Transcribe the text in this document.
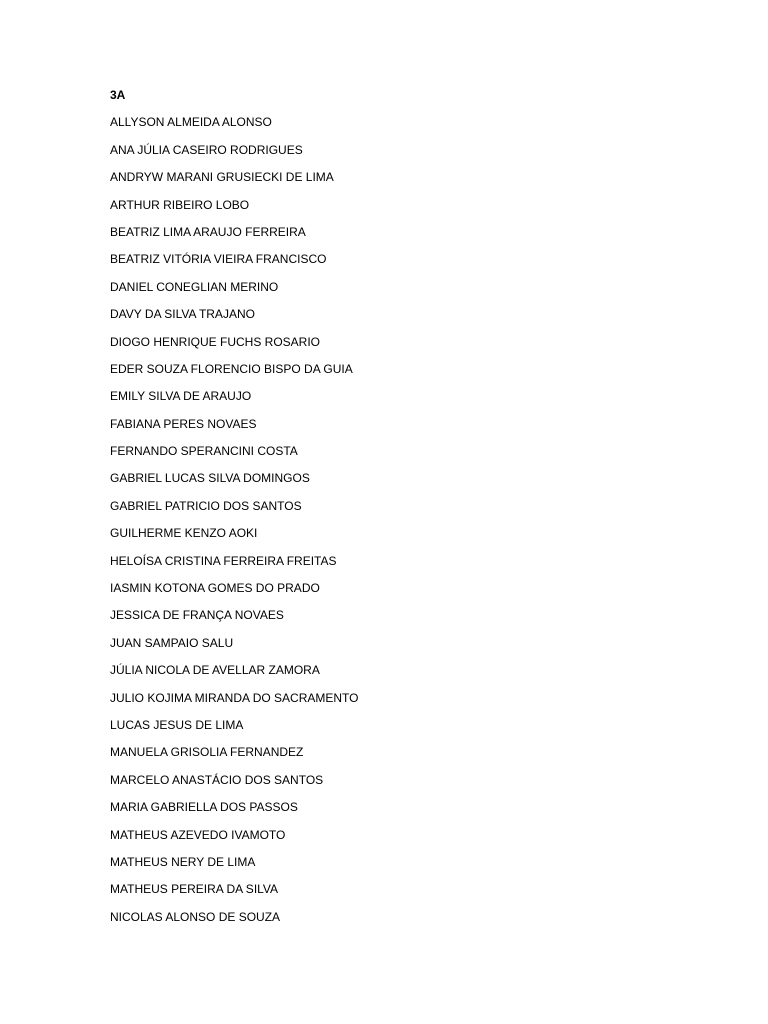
3A
ALLYSON ALMEIDA ALONSO
ANA JÚLIA CASEIRO RODRIGUES
ANDRYW MARANI GRUSIECKI DE LIMA
ARTHUR RIBEIRO LOBO
BEATRIZ LIMA ARAUJO FERREIRA
BEATRIZ VITÓRIA VIEIRA FRANCISCO
DANIEL CONEGLIAN MERINO
DAVY DA SILVA TRAJANO
DIOGO HENRIQUE FUCHS ROSARIO
EDER SOUZA FLORENCIO BISPO DA GUIA
EMILY SILVA DE ARAUJO
FABIANA PERES NOVAES
FERNANDO SPERANCINI COSTA
GABRIEL LUCAS SILVA DOMINGOS
GABRIEL PATRICIO DOS SANTOS
GUILHERME KENZO AOKI
HELOÍSA CRISTINA FERREIRA FREITAS
IASMIN KOTONA GOMES DO PRADO
JESSICA DE FRANÇA NOVAES
JUAN SAMPAIO SALU
JÚLIA NICOLA DE AVELLAR ZAMORA
JULIO KOJIMA MIRANDA DO SACRAMENTO
LUCAS JESUS DE LIMA
MANUELA GRISOLIA FERNANDEZ
MARCELO ANASTÁCIO DOS SANTOS
MARIA GABRIELLA DOS PASSOS
MATHEUS AZEVEDO IVAMOTO
MATHEUS NERY DE LIMA
MATHEUS PEREIRA DA SILVA
NICOLAS ALONSO DE SOUZA
